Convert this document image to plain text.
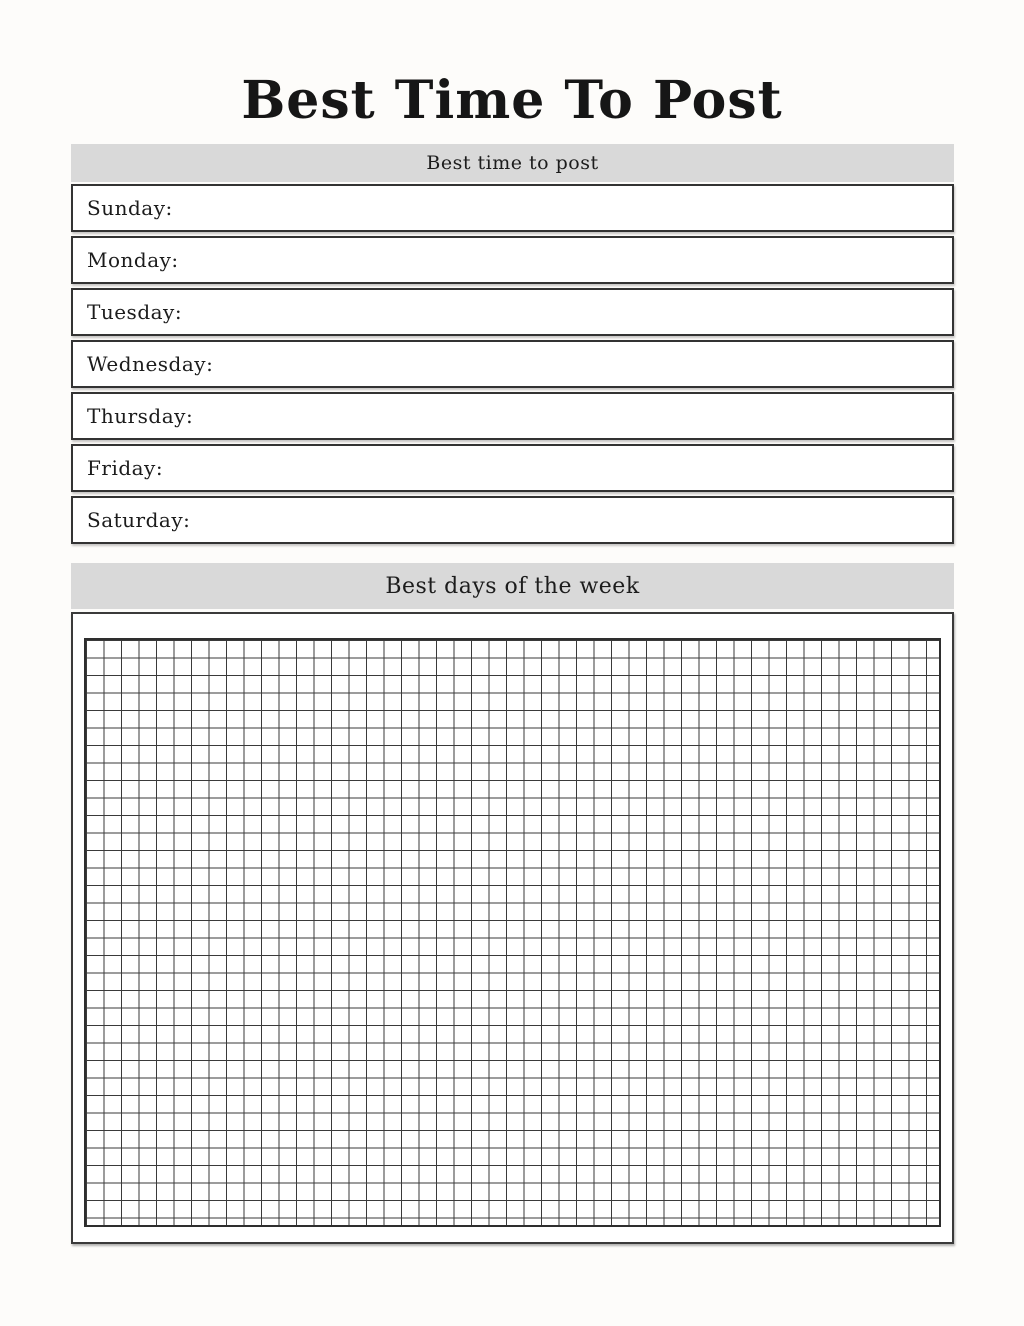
Best Time To Post
Best time to post
Sunday:
Monday:
Tuesday:
Wednesday:
Thursday:
Friday:
Saturday:
Best days of the week
